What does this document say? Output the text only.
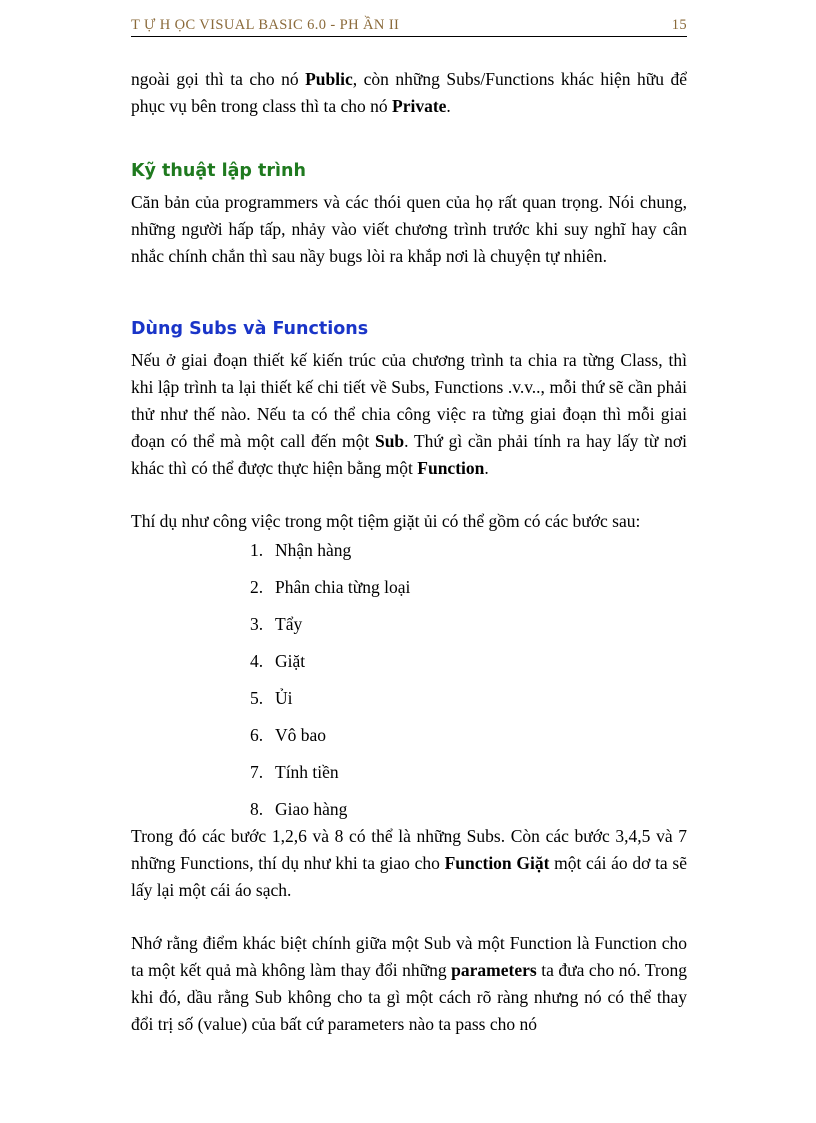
T Ự H ỌC VISUAL BASIC 6.0 - PH ẦN II	15

ngoài gọi thì ta cho nó Public, còn những Subs/Functions khác hiện hữu để phục vụ bên trong class thì ta cho nó Private.

Kỹ thuật lập trình

Căn bản của programmers và các thói quen của họ rất quan trọng. Nói chung, những người hấp tấp, nhảy vào viết chương trình trước khi suy nghĩ hay cân nhắc chính chắn thì sau nầy bugs lòi ra khắp nơi là chuyện tự nhiên.

Dùng Subs và Functions

Nếu ở giai đoạn thiết kế kiến trúc của chương trình ta chia ra từng Class, thì khi lập trình ta lại thiết kế chi tiết về Subs, Functions .v.v.., mỗi thứ sẽ cần phải thử như thế nào. Nếu ta có thể chia công việc ra từng giai đoạn thì mỗi giai đoạn có thể mà một call đến một Sub. Thứ gì cần phải tính ra hay lấy từ nơi khác thì có thể được thực hiện bằng một Function.

Thí dụ như công việc trong một tiệm giặt ủi có thể gồm có các bước sau:

1. Nhận hàng
2. Phân chia từng loại
3. Tẩy
4. Giặt
5. Ủi
6. Vô bao
7. Tính tiền
8. Giao hàng

Trong đó các bước 1,2,6 và 8 có thể là những Subs. Còn các bước 3,4,5 và 7 những Functions, thí dụ như khi ta giao cho Function Giặt một cái áo dơ ta sẽ lấy lại một cái áo sạch.

Nhớ rằng điểm khác biệt chính giữa một Sub và một Function là Function cho ta một kết quả mà không làm thay đổi những parameters ta đưa cho nó. Trong khi đó, dầu rằng Sub không cho ta gì một cách rõ ràng nhưng nó có thể thay đổi trị số (value) của bất cứ parameters nào ta pass cho nó
